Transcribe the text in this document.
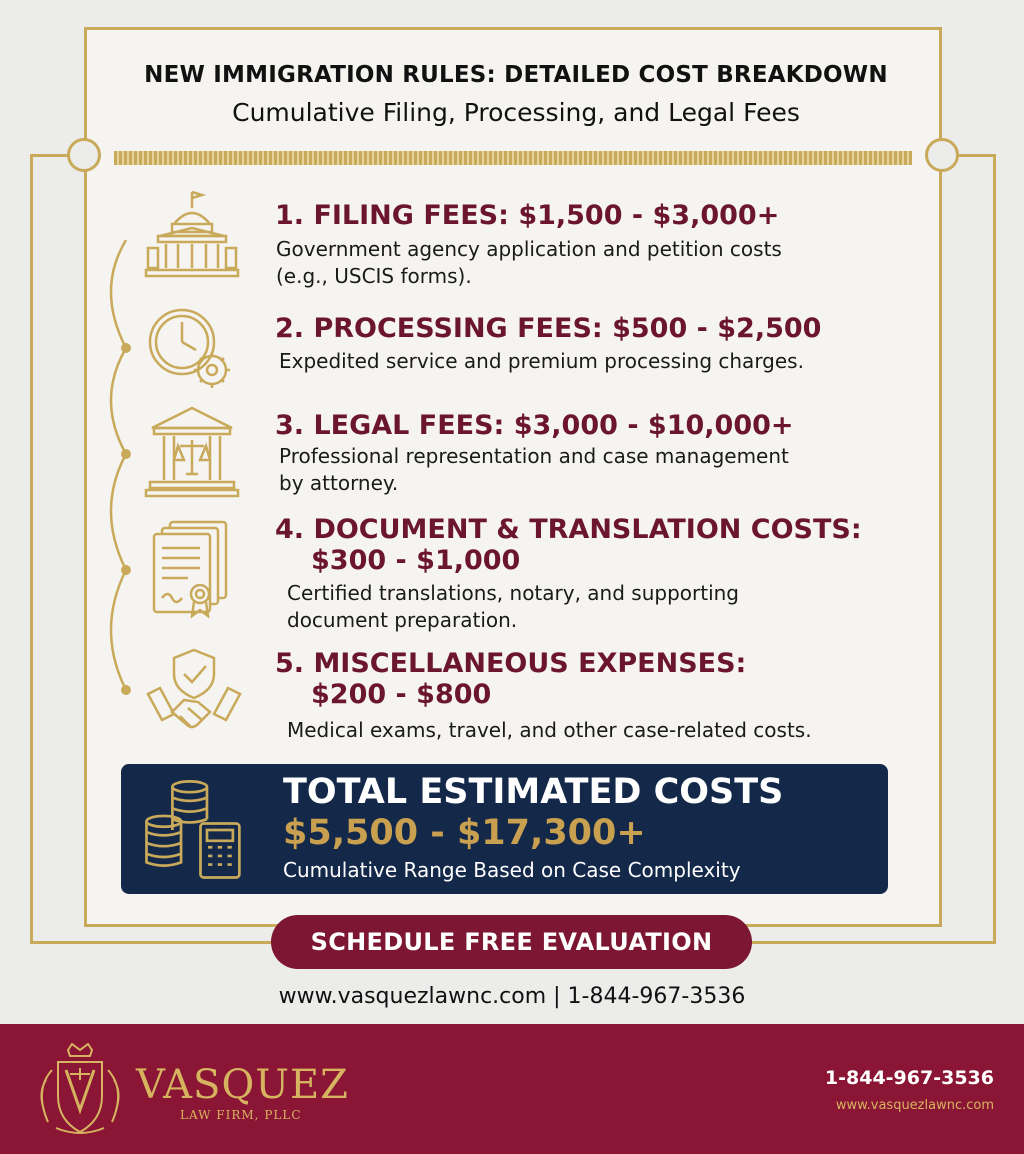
NEW IMMIGRATION RULES: DETAILED COST BREAKDOWN
Cumulative Filing, Processing, and Legal Fees
1. FILING FEES: $1,500 - $3,000+
Government agency application and petition costs
(e.g., USCIS forms).
2. PROCESSING FEES: $500 - $2,500
Expedited service and premium processing charges.
3. LEGAL FEES: $3,000 - $10,000+
Professional representation and case management
by attorney.
4. DOCUMENT & TRANSLATION COSTS:
$300 - $1,000
Certified translations, notary, and supporting
document preparation.
5. MISCELLANEOUS EXPENSES:
$200 - $800
Medical exams, travel, and other case-related costs.
TOTAL ESTIMATED COSTS
$5,500 - $17,300+
Cumulative Range Based on Case Complexity
SCHEDULE FREE EVALUATION
www.vasquezlawnc.com | 1-844-967-3536
VASQUEZ
LAW FIRM, PLLC
1-844-967-3536
www.vasquezlawnc.com
